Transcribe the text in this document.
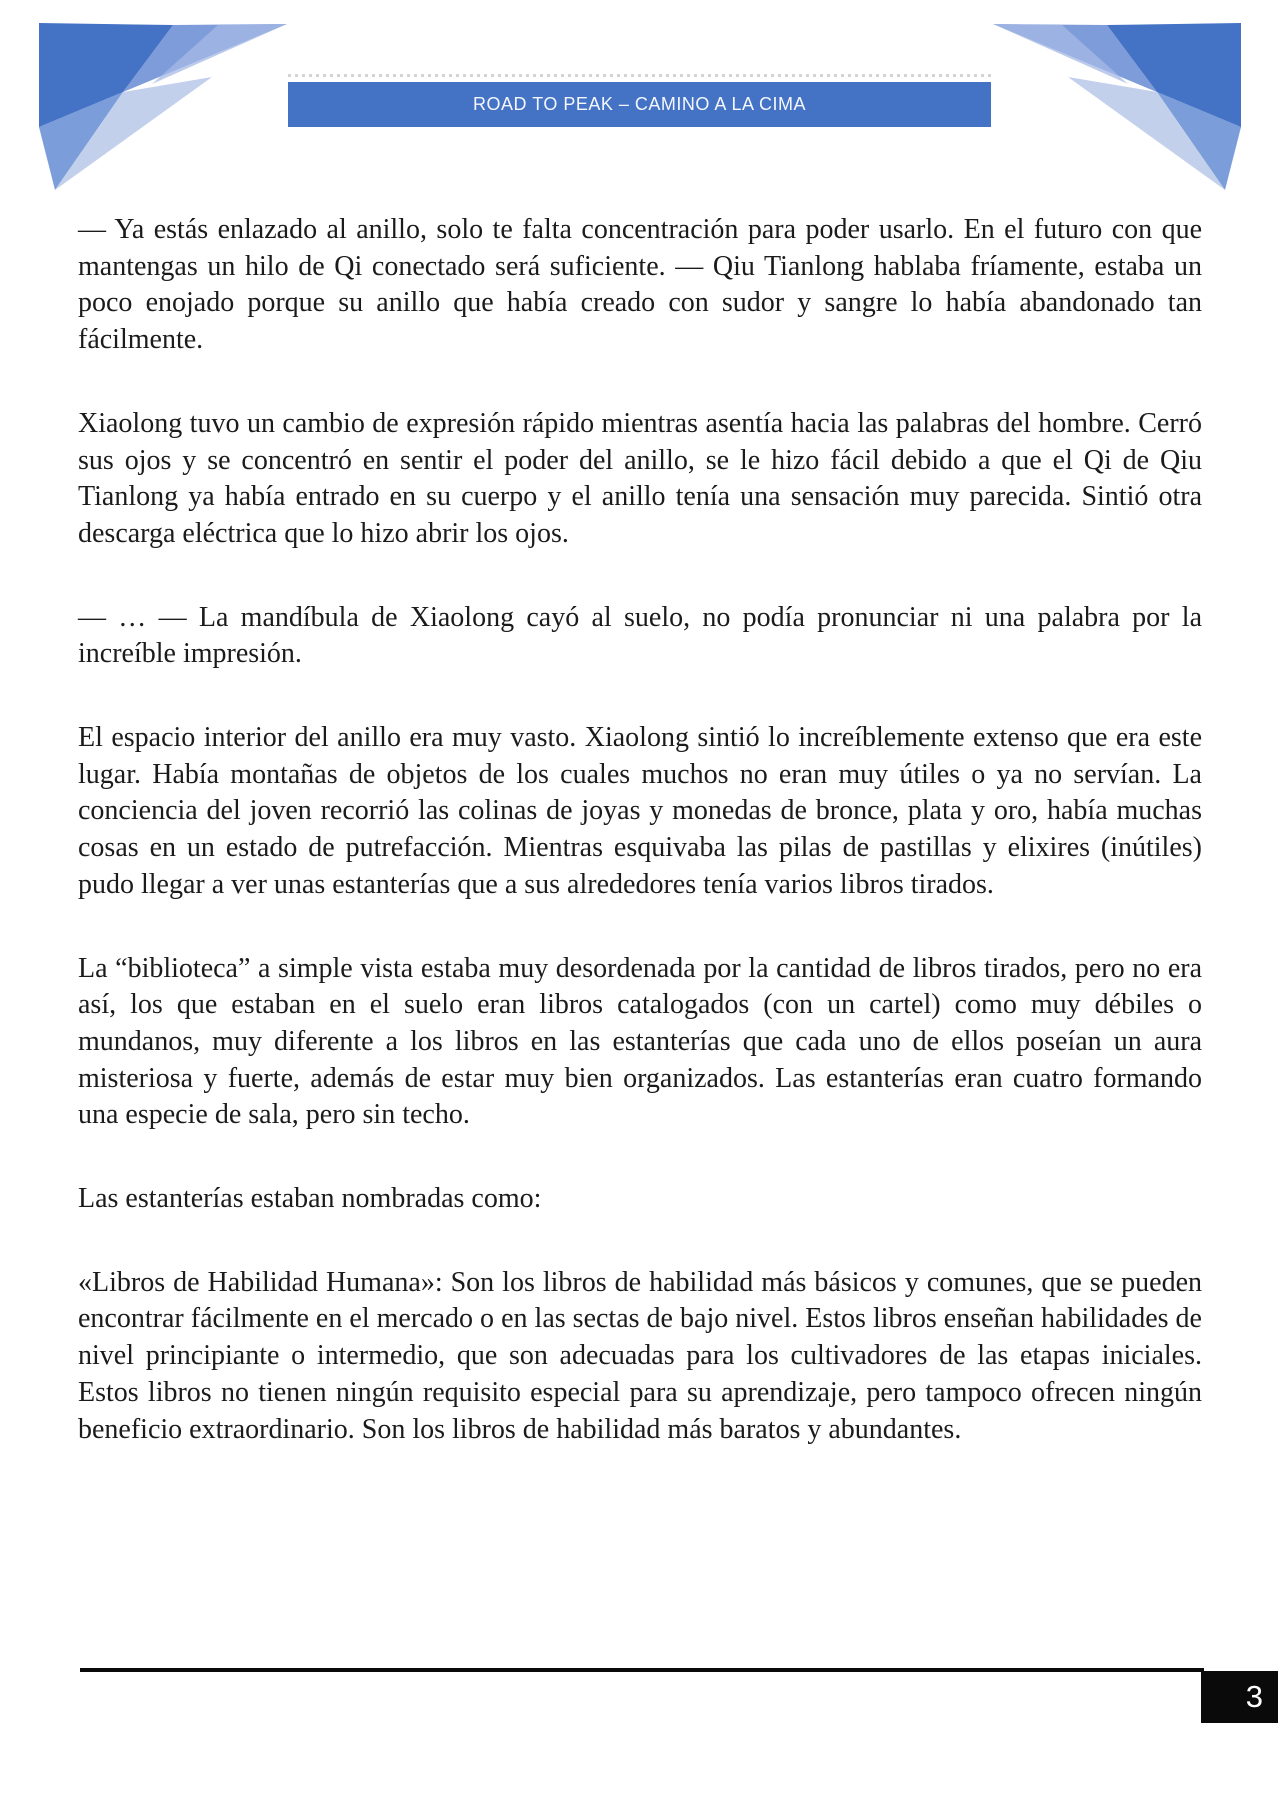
ROAD TO PEAK – CAMINO A LA CIMA

— Ya estás enlazado al anillo, solo te falta concentración para poder usarlo. En el futuro con que mantengas un hilo de Qi conectado será suficiente. — Qiu Tianlong hablaba fríamente, estaba un poco enojado porque su anillo que había creado con sudor y sangre lo había abandonado tan fácilmente.

Xiaolong tuvo un cambio de expresión rápido mientras asentía hacia las palabras del hombre. Cerró sus ojos y se concentró en sentir el poder del anillo, se le hizo fácil debido a que el Qi de Qiu Tianlong ya había entrado en su cuerpo y el anillo tenía una sensación muy parecida. Sintió otra descarga eléctrica que lo hizo abrir los ojos.

— … — La mandíbula de Xiaolong cayó al suelo, no podía pronunciar ni una palabra por la increíble impresión.

El espacio interior del anillo era muy vasto. Xiaolong sintió lo increíblemente extenso que era este lugar. Había montañas de objetos de los cuales muchos no eran muy útiles o ya no servían. La conciencia del joven recorrió las colinas de joyas y monedas de bronce, plata y oro, había muchas cosas en un estado de putrefacción. Mientras esquivaba las pilas de pastillas y elixires (inútiles) pudo llegar a ver unas estanterías que a sus alrededores tenía varios libros tirados.

La “biblioteca” a simple vista estaba muy desordenada por la cantidad de libros tirados, pero no era así, los que estaban en el suelo eran libros catalogados (con un cartel) como muy débiles o mundanos, muy diferente a los libros en las estanterías que cada uno de ellos poseían un aura misteriosa y fuerte, además de estar muy bien organizados. Las estanterías eran cuatro formando una especie de sala, pero sin techo.

Las estanterías estaban nombradas como:

«Libros de Habilidad Humana»: Son los libros de habilidad más básicos y comunes, que se pueden encontrar fácilmente en el mercado o en las sectas de bajo nivel. Estos libros enseñan habilidades de nivel principiante o intermedio, que son adecuadas para los cultivadores de las etapas iniciales. Estos libros no tienen ningún requisito especial para su aprendizaje, pero tampoco ofrecen ningún beneficio extraordinario. Son los libros de habilidad más baratos y abundantes.

3
